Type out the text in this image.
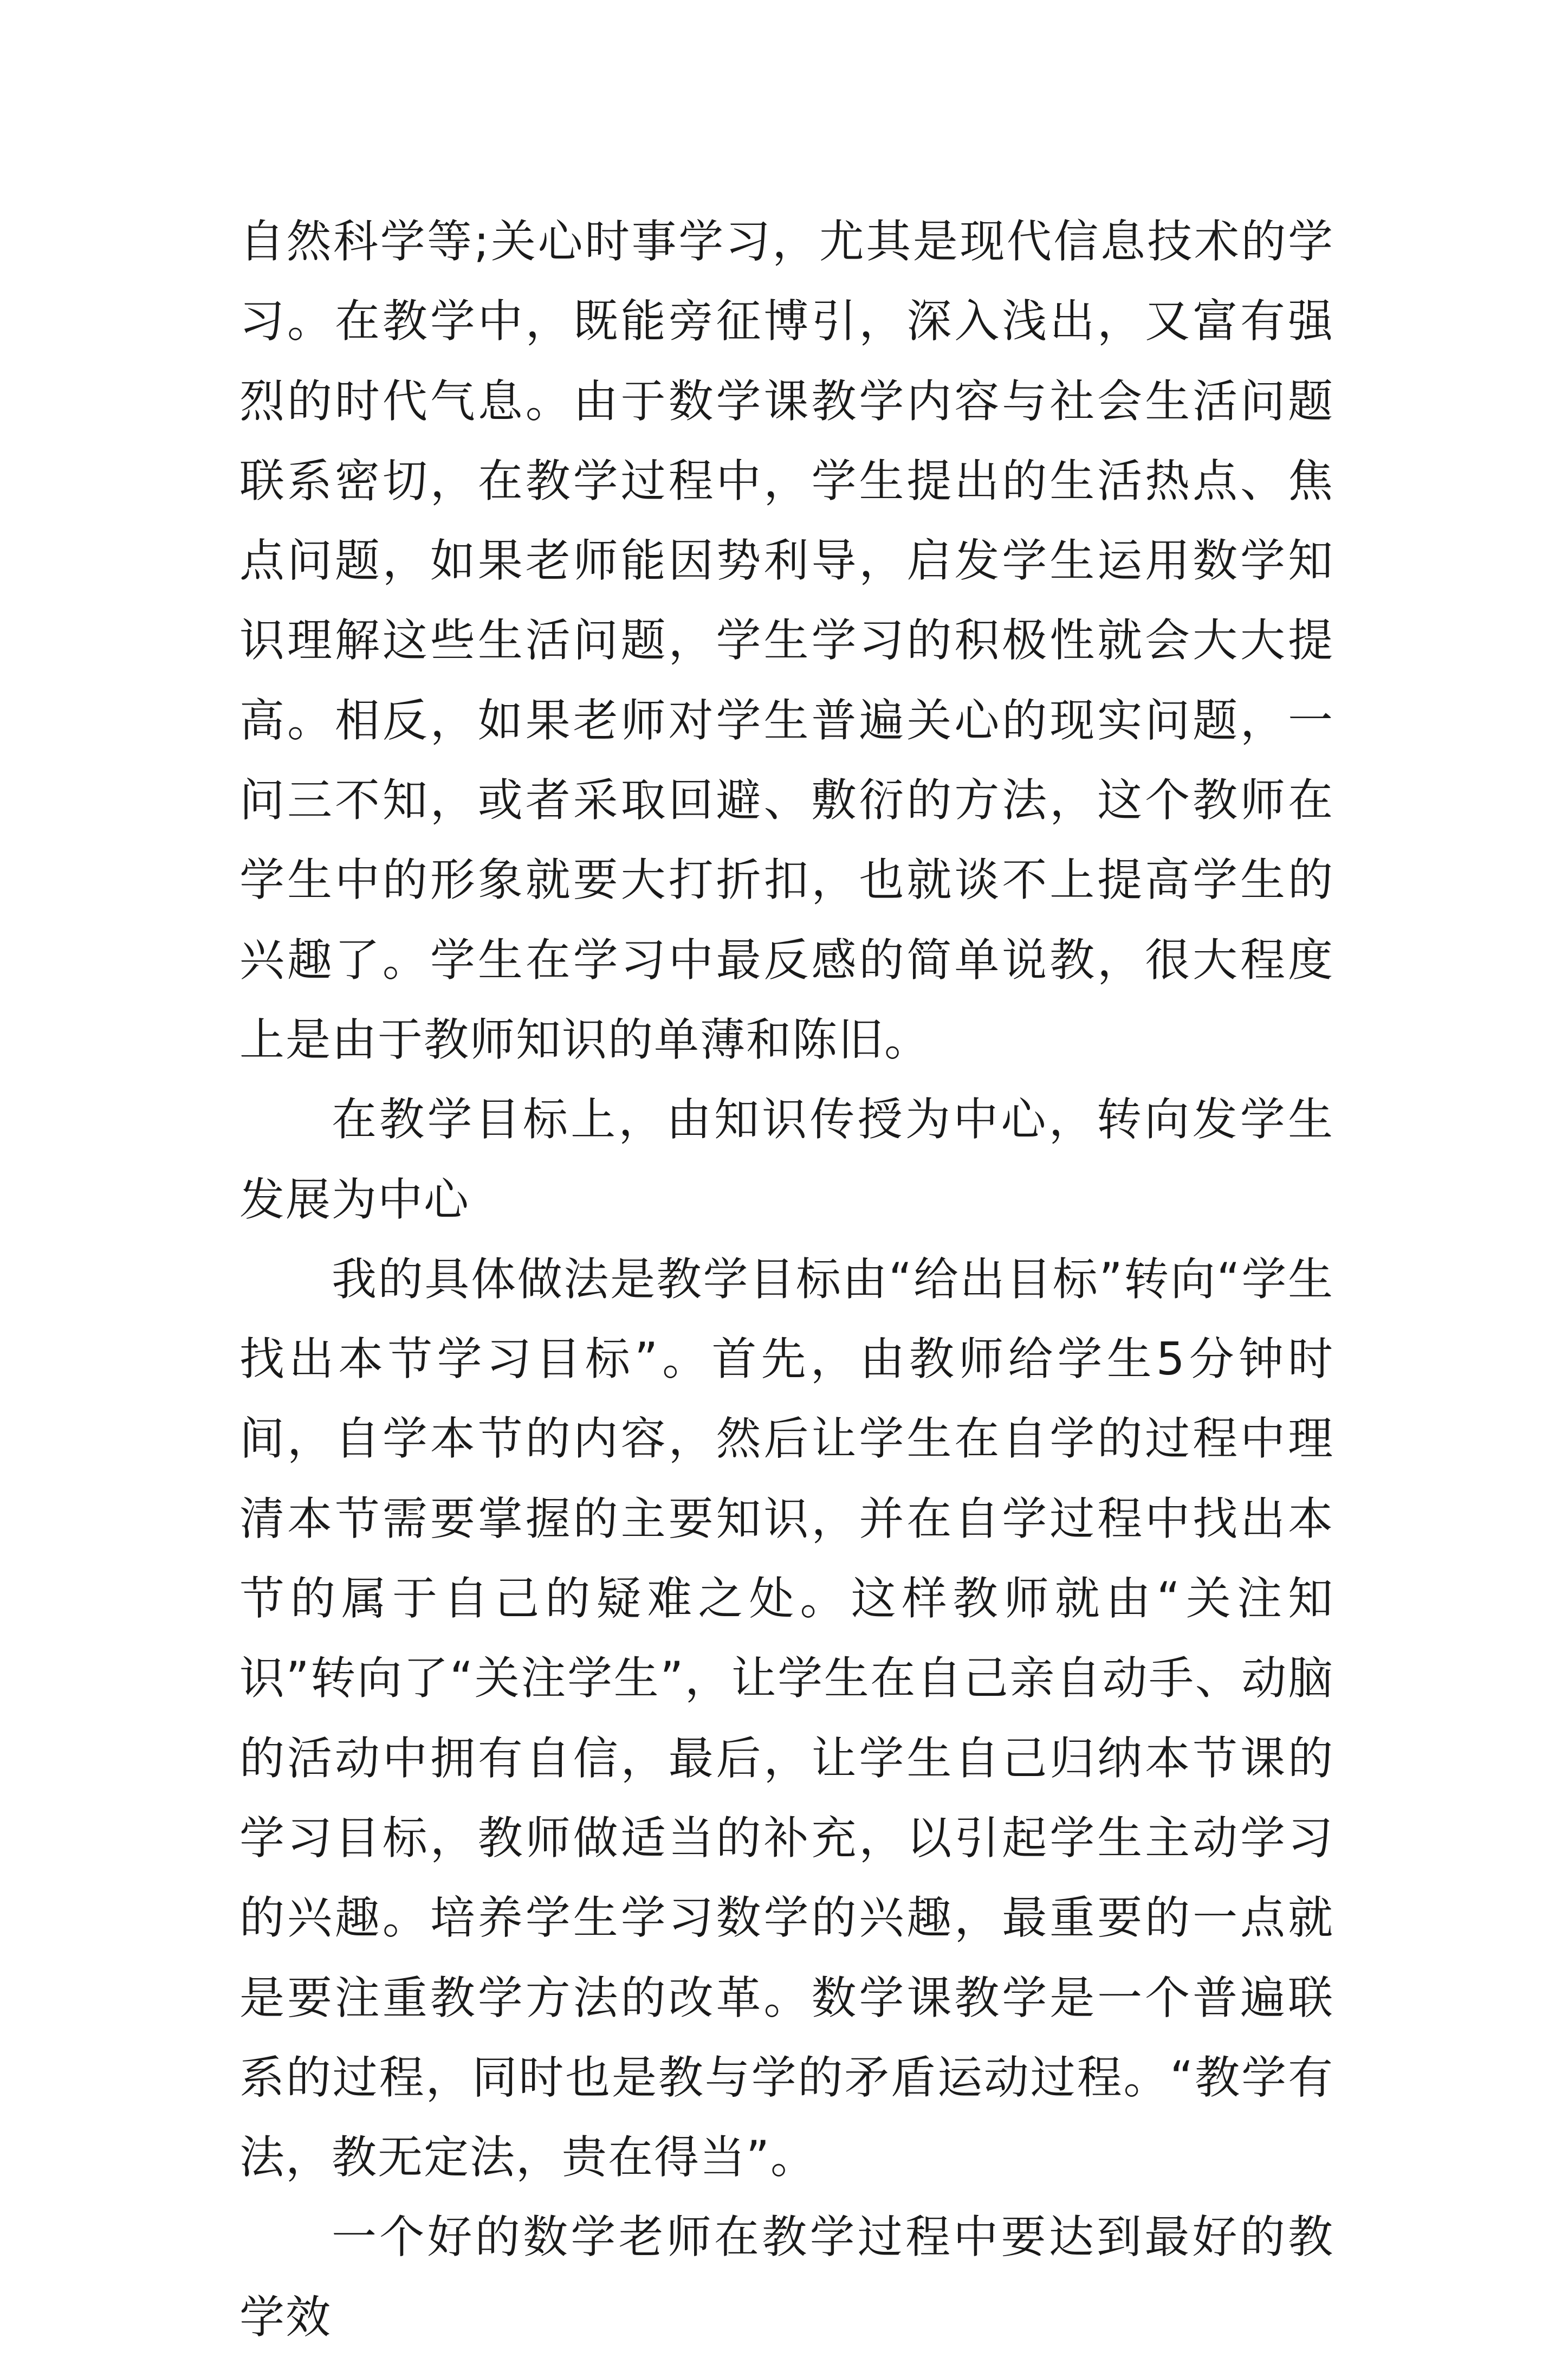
自然科学等;关心时事学习，尤其是现代信息技术的学习。在教学中，既能旁征博引，深入浅出，又富有强烈的时代气息。由于数学课教学内容与社会生活问题联系密切，在教学过程中，学生提出的生活热点、焦点问题，如果老师能因势利导，启发学生运用数学知识理解这些生活问题，学生学习的积极性就会大大提高。相反，如果老师对学生普遍关心的现实问题，一问三不知，或者采取回避、敷衍的方法，这个教师在学生中的形象就要大打折扣，也就谈不上提高学生的兴趣了。学生在学习中最反感的简单说教，很大程度上是由于教师知识的单薄和陈旧。

在教学目标上，由知识传授为中心，转向发学生发展为中心

我的具体做法是教学目标由“给出目标”转向“学生找出本节学习目标”。首先，由教师给学生5分钟时间，自学本节的内容，然后让学生在自学的过程中理清本节需要掌握的主要知识，并在自学过程中找出本节的属于自己的疑难之处。这样教师就由“关注知识”转向了“关注学生”，让学生在自己亲自动手、动脑的活动中拥有自信，最后，让学生自己归纳本节课的学习目标，教师做适当的补充，以引起学生主动学习的兴趣。培养学生学习数学的兴趣，最重要的一点就是要注重教学方法的改革。数学课教学是一个普遍联系的过程，同时也是教与学的矛盾运动过程。“教学有法，教无定法，贵在得当”。

一个好的数学老师在教学过程中要达到最好的教学效
